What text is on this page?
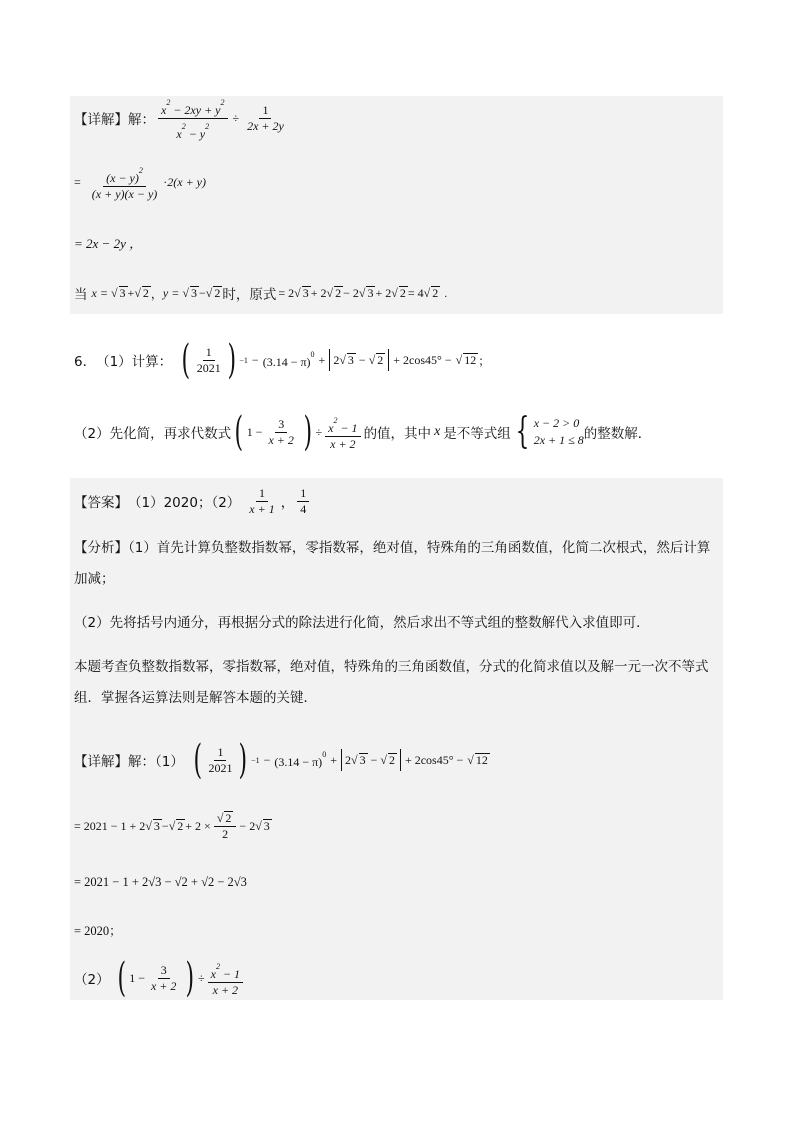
【详解】解： $\frac{x^2 - 2xy + y^2}{x^2 - y^2} \div \frac{1}{2x + 2y}$
= $\frac{(x - y)^2}{(x + y)(x - y)} \cdot 2(x + y)$
= 2x − 2y ，
当 x =
√ 3 +
√ 2 ， y =
√ 3 −
√ 2 时，原式 = 2
√ 3 + 2
√ 2 − 2
√ 3 + 2
√ 2 = 4
√ 2 .
6． （1）计算： ( $\frac{1}{2021}$ ) $-1 - (3.14 - \pi)^0 + 2√$ 3 − √ 2 + 2cos45° −
√ 12 ；
（2）先化简，再求代数式 ( $1 - \frac{3}{x + 2}$ ) ÷ $\frac{x^2 - 1}{x + 2}$ 的值，其中 x 是不等式组 { x − 2 > 0
2x + 1 ≤ 8 的整数解．
【答案】 （1）2020；$(2) \frac{1}{x + 1}$ ， $\frac{1}{4}$
【分析】（1）首先计算负整数指数幂，零指数幂，绝对值，特殊角的三角函数值，化简二次根式，然后计算加减；
（2）先将括号内通分，再根据分式的除法进行化简，然后求出不等式组的整数解代入求值即可．
本题考查负整数指数幂，零指数幂，绝对值，特殊角的三角函数值，分式的化简求值以及解一元一次不等式组．掌握各运算法则是解答本题的关键．
【详解】解：（1） ( $\frac{1}{2021}$ ) $-1 - (3.14 - \pi)^0 + 2√$ 3 − √ 2 + 2cos45° −
√ 12
= 2021 − 1 + 2
√ 3 −
√ 2 + 2 ×
√ $\frac{2}{2} - 2$
√ 3
= 2021 − 1 + 2√3 − √2 + √2 − 2√3
= 2020；
（2） ( $1 - \frac{3}{x + 2}$ ) ÷ $\frac{x^2 - 1}{x + 2}$
